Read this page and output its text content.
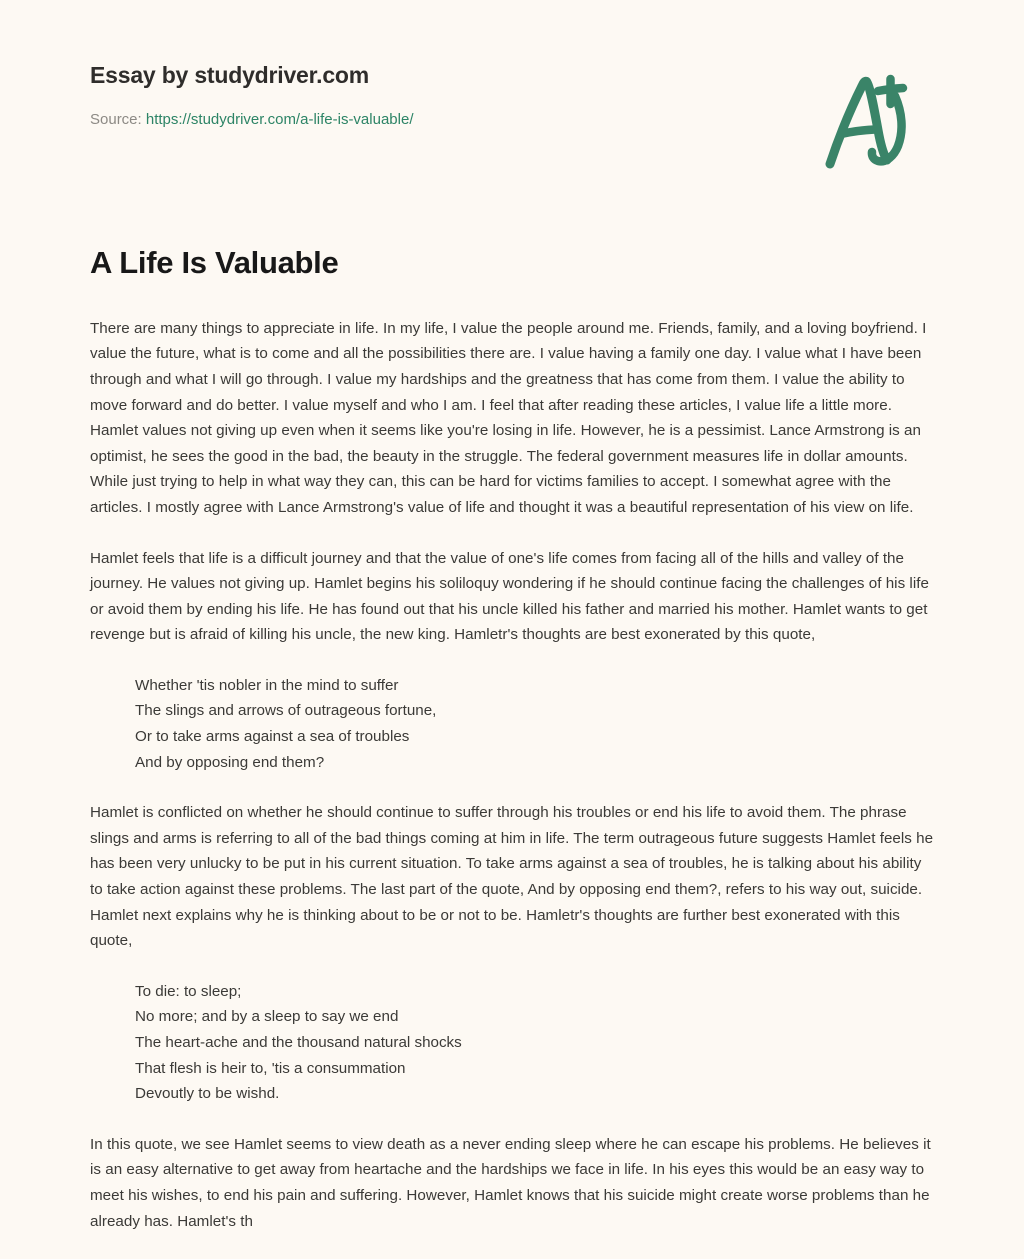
Essay by studydriver.com
Source: https://studydriver.com/a-life-is-valuable/
A Life Is Valuable

There are many things to appreciate in life. In my life, I value the people around me. Friends, family, and a loving boyfriend. I value the future, what is to come and all the possibilities there are. I value having a family one day. I value what I have been through and what I will go through. I value my hardships and the greatness that has come from them. I value the ability to move forward and do better. I value myself and who I am. I feel that after reading these articles, I value life a little more. Hamlet values not giving up even when it seems like you're losing in life. However, he is a pessimist. Lance Armstrong is an optimist, he sees the good in the bad, the beauty in the struggle. The federal government measures life in dollar amounts. While just trying to help in what way they can, this can be hard for victims families to accept. I somewhat agree with the articles. I mostly agree with Lance Armstrong's value of life and thought it was a beautiful representation of his view on life.

Hamlet feels that life is a difficult journey and that the value of one's life comes from facing all of the hills and valley of the journey. He values not giving up. Hamlet begins his soliloquy wondering if he should continue facing the challenges of his life or avoid them by ending his life. He has found out that his uncle killed his father and married his mother. Hamlet wants to get revenge but is afraid of killing his uncle, the new king. Hamletr's thoughts are best exonerated by this quote,

Whether 'tis nobler in the mind to suffer
The slings and arrows of outrageous fortune,
Or to take arms against a sea of troubles
And by opposing end them?

Hamlet is conflicted on whether he should continue to suffer through his troubles or end his life to avoid them. The phrase slings and arms is referring to all of the bad things coming at him in life. The term outrageous future suggests Hamlet feels he has been very unlucky to be put in his current situation. To take arms against a sea of troubles, he is talking about his ability to take action against these problems. The last part of the quote, And by opposing end them?, refers to his way out, suicide. Hamlet next explains why he is thinking about to be or not to be. Hamletr's thoughts are further best exonerated with this quote,

To die: to sleep;
No more; and by a sleep to say we end
The heart-ache and the thousand natural shocks
That flesh is heir to, 'tis a consummation
Devoutly to be wishd.

In this quote, we see Hamlet seems to view death as a never ending sleep where he can escape his problems. He believes it is an easy alternative to get away from heartache and the hardships we face in life. In his eyes this would be an easy way to meet his wishes, to end his pain and suffering. However, Hamlet knows that his suicide might create worse problems than he already has. Hamlet's th
